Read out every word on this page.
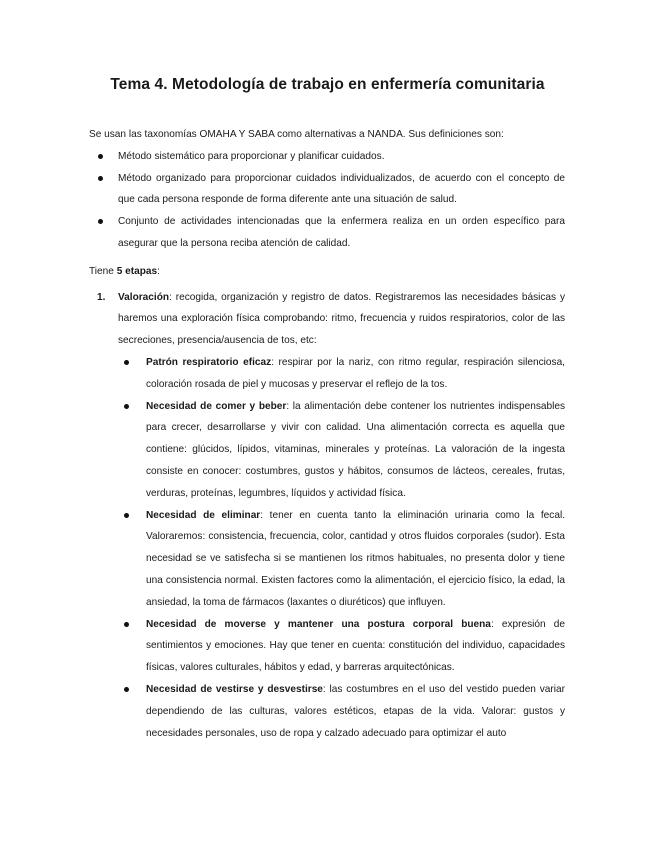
Tema 4. Metodología de trabajo en enfermería comunitaria

Se usan las taxonomías OMAHA Y SABA como alternativas a NANDA. Sus definiciones son:

Método sistemático para proporcionar y planificar cuidados.
Método organizado para proporcionar cuidados individualizados, de acuerdo con el concepto de que cada persona responde de forma diferente ante una situación de salud.
Conjunto de actividades intencionadas que la enfermera realiza en un orden específico para asegurar que la persona reciba atención de calidad.

Tiene 5 etapas:

1. Valoración: recogida, organización y registro de datos. Registraremos las necesidades básicas y haremos una exploración física comprobando: ritmo, frecuencia y ruidos respiratorios, color de las secreciones, presencia/ausencia de tos, etc:
Patrón respiratorio eficaz: respirar por la nariz, con ritmo regular, respiración silenciosa, coloración rosada de piel y mucosas y preservar el reflejo de la tos.
Necesidad de comer y beber: la alimentación debe contener los nutrientes indispensables para crecer, desarrollarse y vivir con calidad. Una alimentación correcta es aquella que contiene: glúcidos, lípidos, vitaminas, minerales y proteínas. La valoración de la ingesta consiste en conocer: costumbres, gustos y hábitos, consumos de lácteos, cereales, frutas, verduras, proteínas, legumbres, líquidos y actividad física.
Necesidad de eliminar: tener en cuenta tanto la eliminación urinaria como la fecal. Valoraremos: consistencia, frecuencia, color, cantidad y otros fluidos corporales (sudor). Esta necesidad se ve satisfecha si se mantienen los ritmos habituales, no presenta dolor y tiene una consistencia normal. Existen factores como la alimentación, el ejercicio físico, la edad, la ansiedad, la toma de fármacos (laxantes o diuréticos) que influyen.
Necesidad de moverse y mantener una postura corporal buena: expresión de sentimientos y emociones. Hay que tener en cuenta: constitución del individuo, capacidades físicas, valores culturales, hábitos y edad, y barreras arquitectónicas.
Necesidad de vestirse y desvestirse: las costumbres en el uso del vestido pueden variar dependiendo de las culturas, valores estéticos, etapas de la vida. Valorar: gustos y necesidades personales, uso de ropa y calzado adecuado para optimizar el auto
